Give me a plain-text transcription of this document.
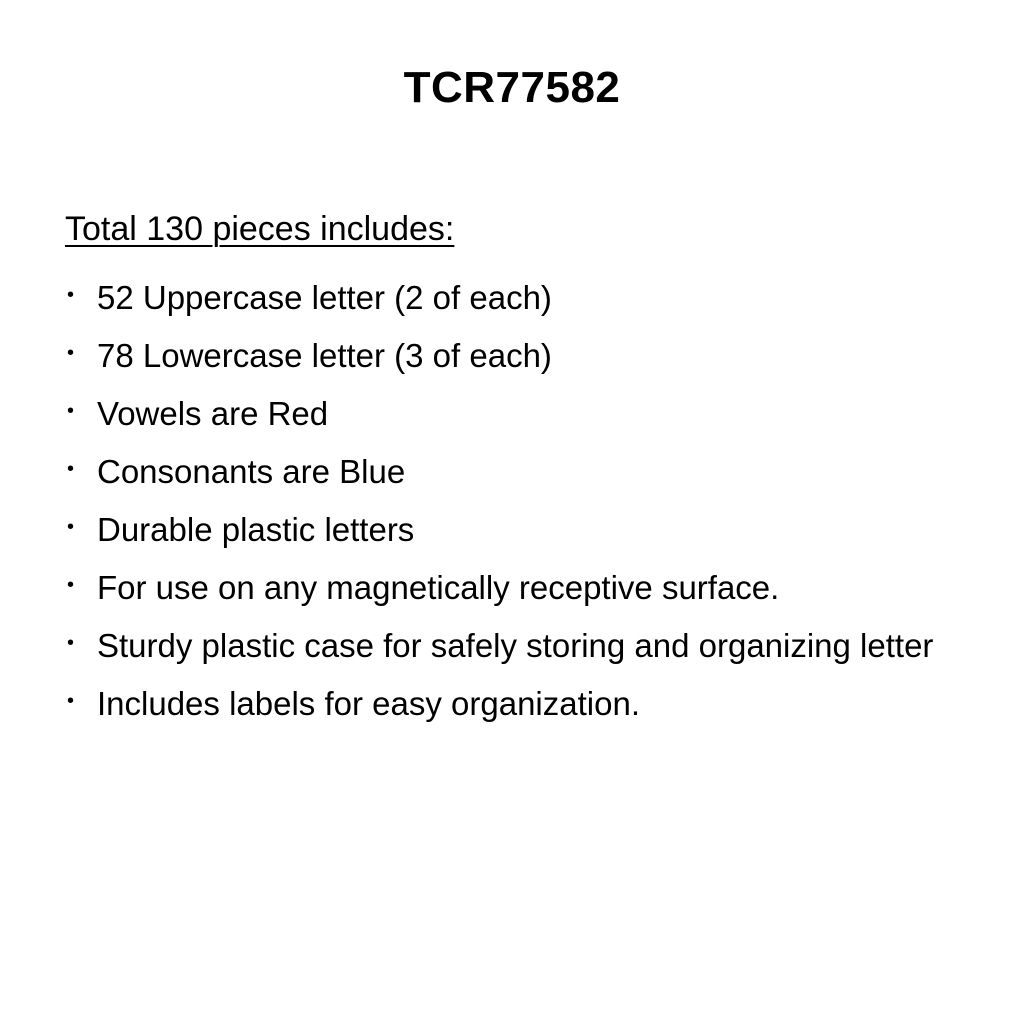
TCR77582
Total 130 pieces includes:
• 52 Uppercase letter (2 of each)
• 78 Lowercase letter (3 of each)
• Vowels are Red
• Consonants are Blue
• Durable plastic letters
• For use on any magnetically receptive surface.
• Sturdy plastic case for safely storing and organizing letter
• Includes labels for easy organization.
